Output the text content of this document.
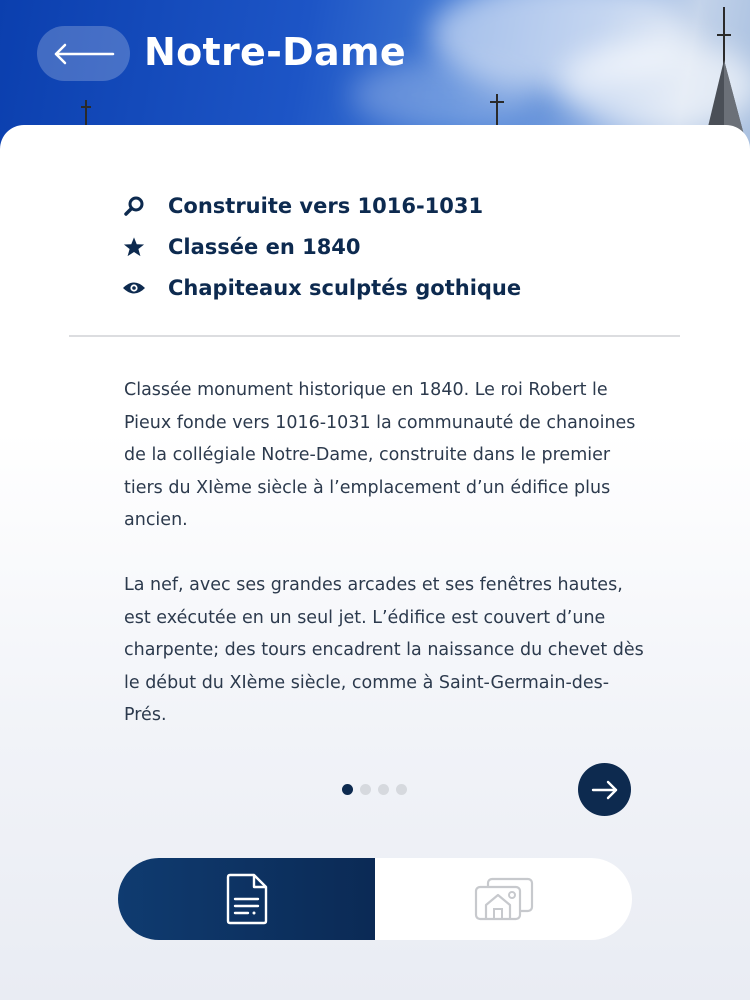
Notre-Dame
Construite vers 1016-1031
Classée en 1840
Chapiteaux sculptés gothique

Classée monument historique en 1840. Le roi Robert le Pieux fonde vers 1016-1031 la communauté de chanoines de la collégiale Notre-Dame, construite dans le premier tiers du XIème siècle à l’emplacement d’un édifice plus ancien.

La nef, avec ses grandes arcades et ses fenêtres hautes, est exécutée en un seul jet. L’édifice est couvert d’une charpente; des tours encadrent la naissance du chevet dès le début du XIème siècle, comme à Saint-Germain-des-Prés.
